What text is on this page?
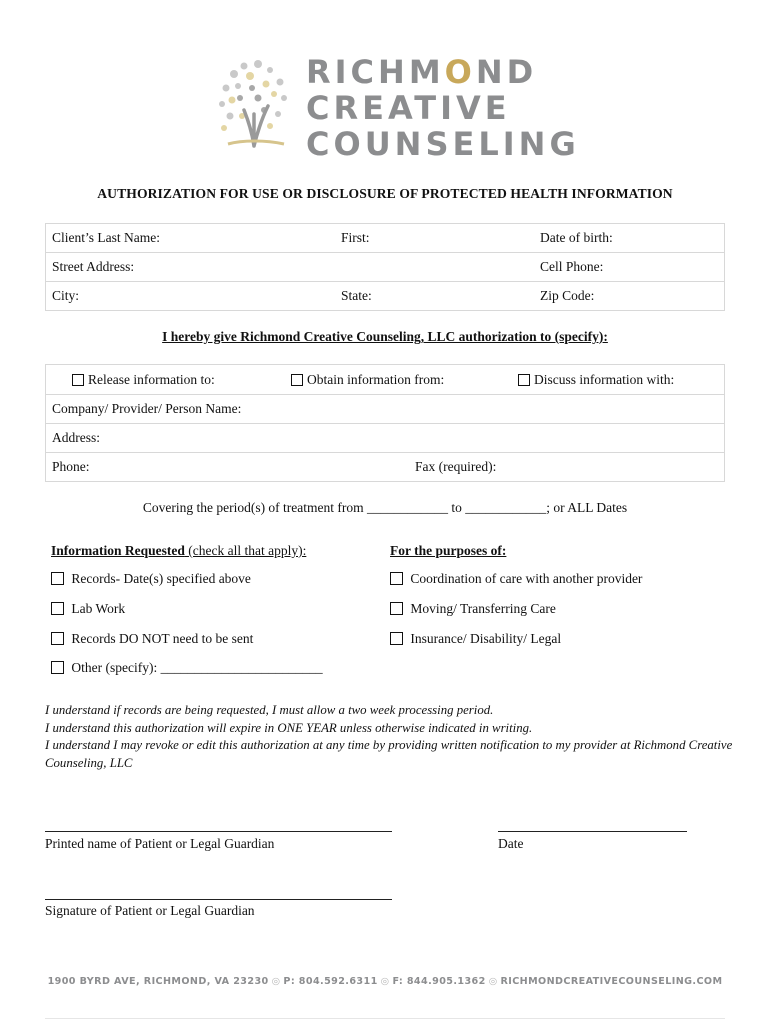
RICHMOND
CREATIVE
COUNSELING
AUTHORIZATION FOR USE OR DISCLOSURE OF PROTECTED HEALTH INFORMATION
Client’s Last Name:	First:	Date of birth:
Street Address:		Cell Phone:
City:	State:	Zip Code:
I hereby give Richmond Creative Counseling, LLC authorization to (specify):
Release information to:	Obtain information from:	Discuss information with:

Company/ Provider/ Person Name:
Address:
Phone:	Fax (required):
Covering the period(s) of treatment from ____________ to ____________; or ALL Dates
Information Requested (check all that apply):
Records- Date(s) specified above
Lab Work
Records DO NOT need to be sent
Other (specify): ________________________
For the purposes of:
Coordination of care with another provider
Moving/ Transferring Care
Insurance/ Disability/ Legal
I understand if records are being requested, I must allow a two week processing period.
I understand this authorization will expire in ONE YEAR unless otherwise indicated in writing.
I understand I may revoke or edit this authorization at any time by providing written notification to my provider at Richmond Creative Counseling, LLC
Printed name of Patient or Legal Guardian	Date
Signature of Patient or Legal Guardian
1900 BYRD AVE, RICHMOND, VA 23230 ◎ P: 804.592.6311 ◎ F: 844.905.1362 ◎ RICHMONDCREATIVECOUNSELING.COM
